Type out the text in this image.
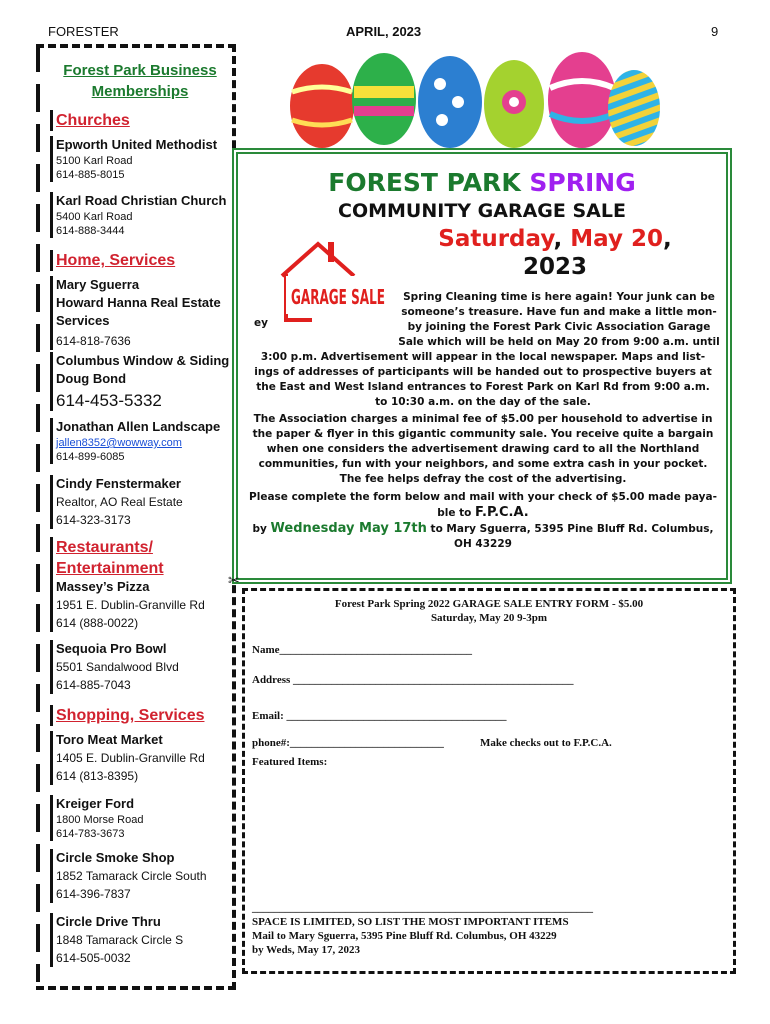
FORESTER	APRIL, 2023	9
Forest Park Business
Memberships
Churches
Epworth United Methodist
5100 Karl Road
614-885-8015
Karl Road Christian Church
5400 Karl Road
614-888-3444
Home, Services
Mary Sguerra
Howard Hanna Real Estate
Services
614-818-7636
Columbus Window & Siding
Doug Bond
614-453-5332
Jonathan Allen Landscape
jallen8352@wowway.com
614-899-6085
Cindy Fenstermaker
Realtor, AO Real Estate
614-323-3173
Restaurants/
Entertainment
Massey’s Pizza
1951 E. Dublin-Granville Rd
614 (888-0022)
Sequoia Pro Bowl
5501 Sandalwood Blvd
614-885-7043
Shopping, Services
Toro Meat Market
1405 E. Dublin-Granville Rd
614 (813-8395)
Kreiger Ford
1800 Morse Road
614-783-3673
Circle Smoke Shop
1852 Tamarack Circle South
614-396-7837
Circle Drive Thru
1848 Tamarack Circle S
614-505-0032
FOREST PARK SPRING
COMMUNITY GARAGE SALE
Saturday, May 20,
2023
GARAGE SALE
ey
Spring Cleaning time is here again! Your junk can be
someone’s treasure. Have fun and make a little mon-
by joining the Forest Park Civic Association Garage
Sale which will be held on May 20 from 9:00 a.m. until
3:00 p.m. Advertisement will appear in the local newspaper. Maps and list-
ings of addresses of participants will be handed out to prospective buyers at
the East and West Island entrances to Forest Park on Karl Rd from 9:00 a.m.
to 10:30 a.m. on the day of the sale.
The Association charges a minimal fee of $5.00 per household to advertise in
the paper & flyer in this gigantic community sale. You receive quite a bargain
when one considers the advertisement drawing card to all the Northland
communities, fun with your neighbors, and some extra cash in your pocket.
The fee helps defray the cost of the advertising.
Please complete the form below and mail with your check of $5.00 made paya-
ble to F.P.C.A.
by Wednesday May 17th to Mary Sguerra, 5395 Pine Bluff Rd. Columbus,
OH 43229
✂
Forest Park Spring 2022 GARAGE SALE ENTRY FORM - $5.00
Saturday, May 20 9-3pm
Name___________________________________
Address ___________________________________________________
Email: ________________________________________
phone#:____________________________	Make checks out to F.P.C.A.
Featured Items:
______________________________________________________________
SPACE IS LIMITED, SO LIST THE MOST IMPORTANT ITEMS
Mail to Mary Sguerra, 5395 Pine Bluff Rd. Columbus, OH 43229
by Weds, May 17, 2023
